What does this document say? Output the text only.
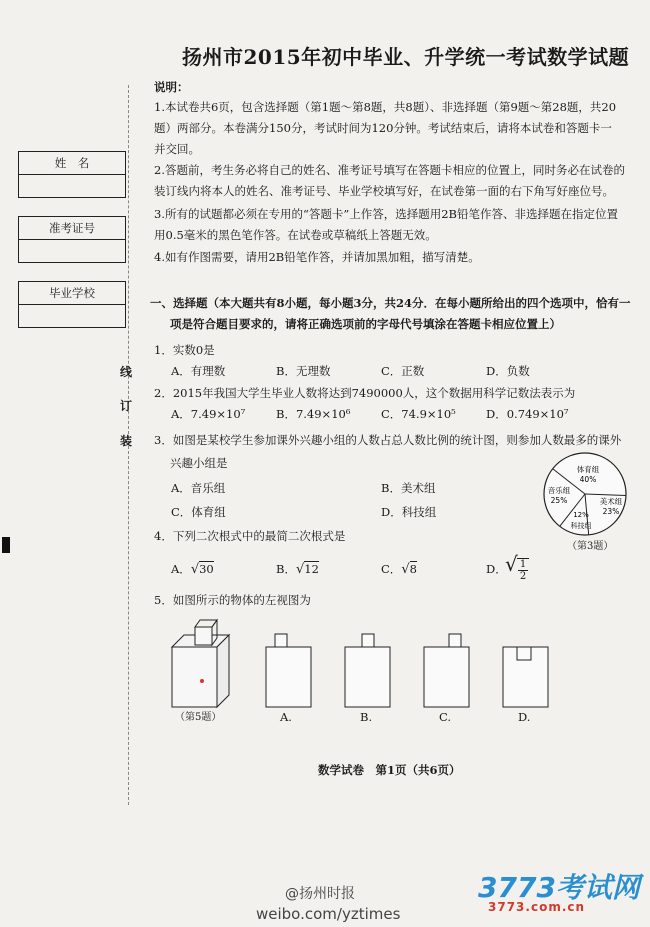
扬州市2015年初中毕业、升学统一考试数学试题
说明：
1.本试卷共6页，包含选择题（第1题～第8题，共8题）、非选择题（第9题～第28题，共20
题）两部分。本卷满分150分，考试时间为120分钟。考试结束后，请将本试卷和答题卡一
并交回。
2.答题前，考生务必将自己的姓名、准考证号填写在答题卡相应的位置上，同时务必在试卷的
装订线内将本人的姓名、准考证号、毕业学校填写好，在试卷第一面的右下角写好座位号。
3.所有的试题都必须在专用的“答题卡”上作答，选择题用2B铅笔作答、非选择题在指定位置
用0.5毫米的黑色笔作答。在试卷或草稿纸上答题无效。
4.如有作图需要，请用2B铅笔作答，并请加黑加粗，描写清楚。
姓　名
准考证号
毕业学校
线
订
装
一、选择题（本大题共有8小题，每小题3分，共24分．在每小题所给出的四个选项中，恰有一
项是符合题目要求的，请将正确选项前的字母代号填涂在答题卡相应位置上）
1．实数0是
A．有理数	B．无理数	C．正数	D．负数
2．2015年我国大学生毕业人数将达到7490000人，这个数据用科学记数法表示为
A．7.49×10⁷	B．7.49×10⁶	C．74.9×10⁵	D．0.749×10⁷
3．如图是某校学生参加课外兴趣小组的人数占总人数比例的统计图，则参加人数最多的课外
兴趣小组是
A．音乐组	B．美术组
C．体育组	D．科技组
体育组
40%
美术组
23%
音乐组
25%
12%
科技组
（第3题）
4．下列二次根式中的最简二次根式是
A．√30	B．√12	C．√8	D．
√ 1
2
5．如图所示的物体的左视图为
（第5题）	A.	B.	C.	D.
数学试卷　第1页（共6页）
@扬州时报
weibo.com/yztimes
3773考试网
3773.com.cn
